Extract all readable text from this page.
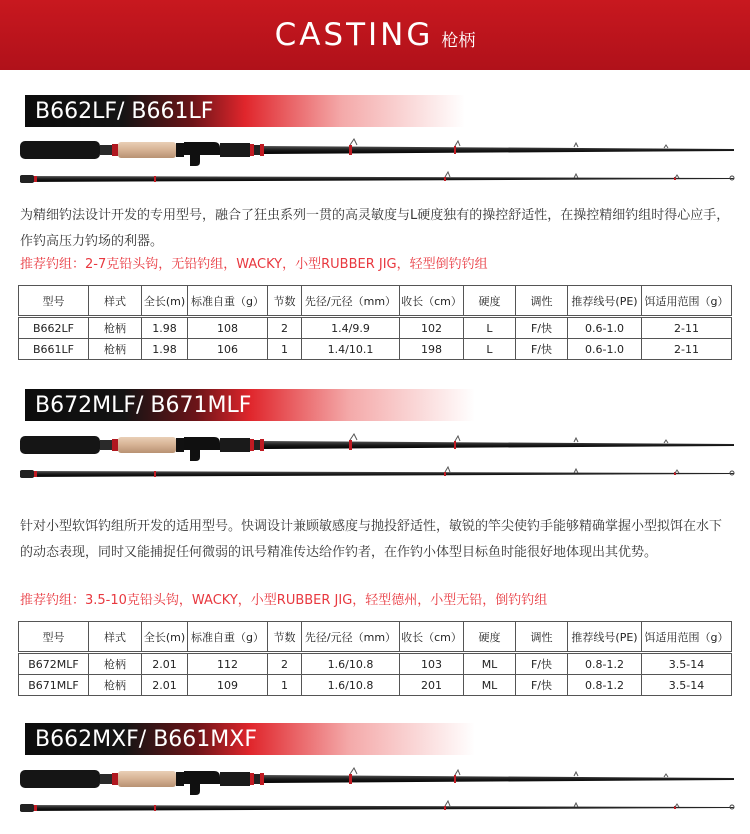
CASTING 枪柄
B662LF/ B661LF
为精细钓法设计开发的专用型号，融合了狂虫系列一贯的高灵敏度与L硬度独有的操控舒适性，在操控精细钓组时得心应手，作钓高压力钓场的利器。
推荐钓组：2-7克铅头钩，无铅钓组，WACKY，小型RUBBER JIG，轻型倒钓钓组
型号	样式	全长(m)	标准自重（g）	节数	先径/元径（mm）	收长（cm）	硬度	调性	推荐线号(PE)	饵适用范围（g）

B662LF	枪柄	1.98	108	2	1.4/9.9	102	L	F/快	0.6-1.0	2-11
B661LF	枪柄	1.98	106	1	1.4/10.1	198	L	F/快	0.6-1.0	2-11
B672MLF/ B671MLF
针对小型软饵钓组所开发的适用型号。快调设计兼顾敏感度与抛投舒适性，敏锐的竿尖使钓手能够精确掌握小型拟饵在水下的动态表现，同时又能捕捉任何微弱的讯号精准传达给作钓者，在作钓小体型目标鱼时能很好地体现出其优势。
推荐钓组：3.5-10克铅头钩，WACKY，小型RUBBER JIG，轻型德州，小型无铅，倒钓钓组
型号	样式	全长(m)	标准自重（g）	节数	先径/元径（mm）	收长（cm）	硬度	调性	推荐线号(PE)	饵适用范围（g）

B672MLF	枪柄	2.01	112	2	1.6/10.8	103	ML	F/快	0.8-1.2	3.5-14
B671MLF	枪柄	2.01	109	1	1.6/10.8	201	ML	F/快	0.8-1.2	3.5-14
B662MXF/ B661MXF
